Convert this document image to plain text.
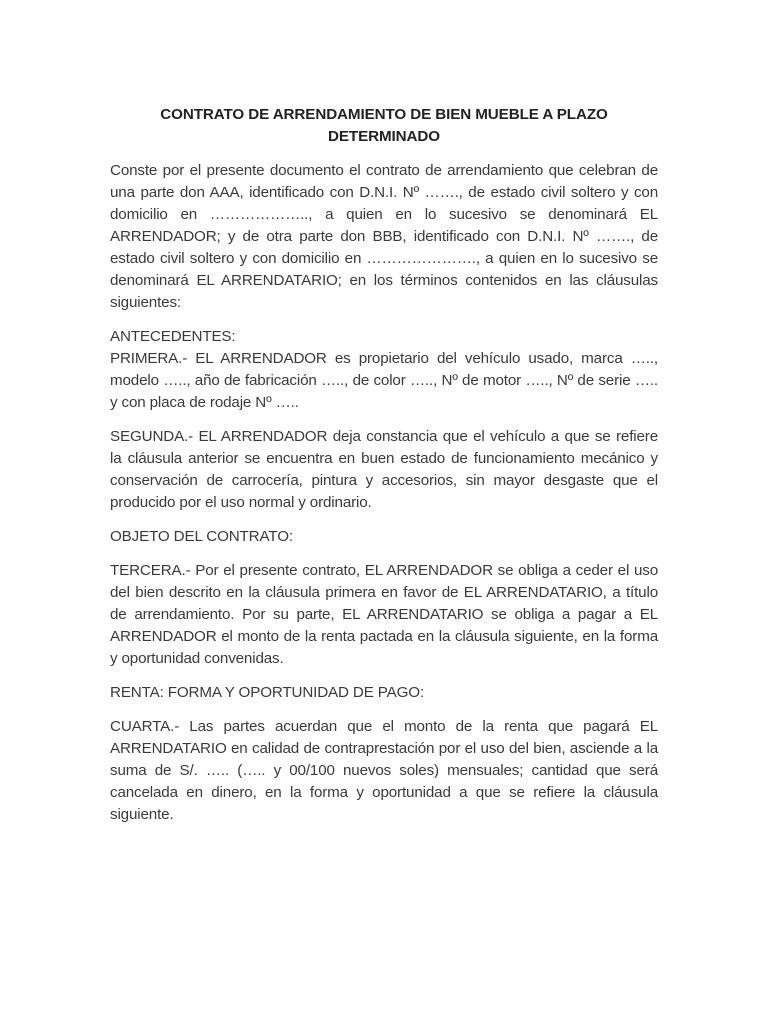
CONTRATO DE ARRENDAMIENTO DE BIEN MUEBLE A PLAZO
DETERMINADO

Conste por el presente documento el contrato de arrendamiento que celebran de una parte don AAA, identificado con D.N.I. Nº ……., de estado civil soltero y con domicilio en ……………….., a quien en lo sucesivo se denominará EL ARRENDADOR; y de otra parte don BBB, identificado con D.N.I. Nº ……., de estado civil soltero y con domicilio en …………………., a quien en lo sucesivo se denominará EL ARRENDATARIO; en los términos contenidos en las cláusulas siguientes:

ANTECEDENTES:

PRIMERA.- EL ARRENDADOR es propietario del vehículo usado, marca ….., modelo ….., año de fabricación ….., de color ….., Nº de motor ….., Nº de serie ….. y con placa de rodaje Nº …..

SEGUNDA.- EL ARRENDADOR deja constancia que el vehículo a que se refiere la cláusula anterior se encuentra en buen estado de funcionamiento mecánico y conservación de carrocería, pintura y accesorios, sin mayor desgaste que el producido por el uso normal y ordinario.

OBJETO DEL CONTRATO:

TERCERA.- Por el presente contrato, EL ARRENDADOR se obliga a ceder el uso del bien descrito en la cláusula primera en favor de EL ARRENDATARIO, a título de arrendamiento. Por su parte, EL ARRENDATARIO se obliga a pagar a EL ARRENDADOR el monto de la renta pactada en la cláusula siguiente, en la forma y oportunidad convenidas.

RENTA: FORMA Y OPORTUNIDAD DE PAGO:

CUARTA.- Las partes acuerdan que el monto de la renta que pagará EL ARRENDATARIO en calidad de contraprestación por el uso del bien, asciende a la suma de S/. ….. (….. y 00/100 nuevos soles) mensuales; cantidad que será cancelada en dinero, en la forma y oportunidad a que se refiere la cláusula siguiente.
